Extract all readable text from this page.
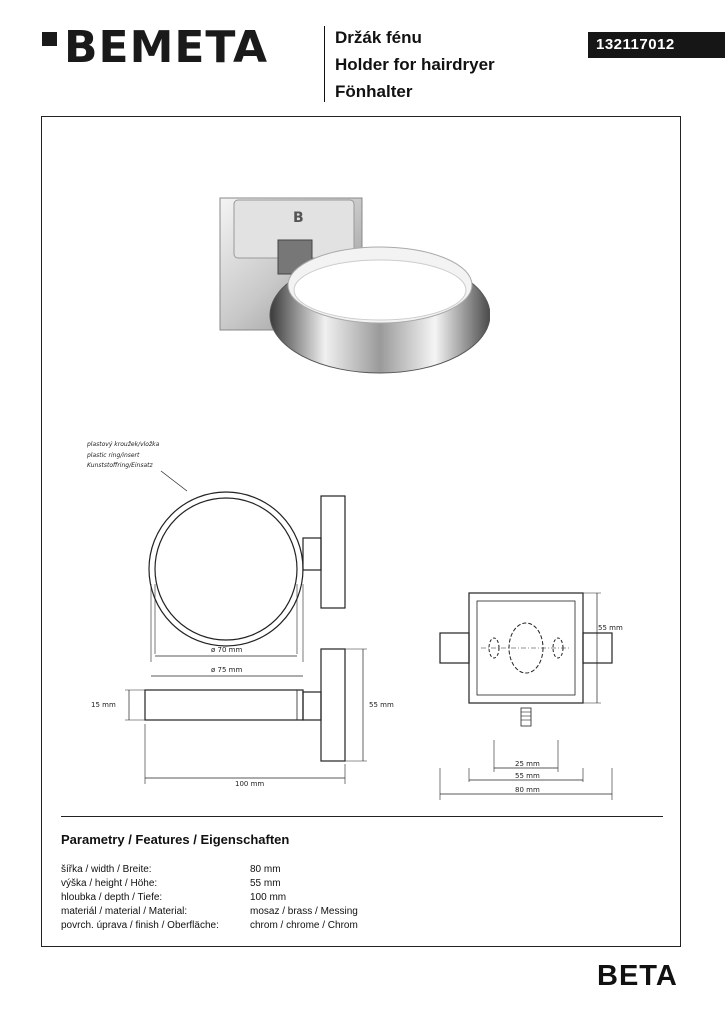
BEMETA	Držák fénu
Holder for hairdryer
Fönhalter
132117012
B
plastový kroužek/vložka
plastic ring/insert
Kunststoffring/Einsatz
ø 70 mm
ø 75 mm
15 mm	55 mm
100 mm
55 mm
25 mm
55 mm
80 mm
Parametry / Features / Eigenschaften
šířka / width / Breite:	80 mm
výška / height / Höhe:	55 mm
hloubka / depth / Tiefe:	100 mm
materiál / material / Material:	mosaz / brass / Messing
povrch. úprava / finish / Oberfläche:	chrom / chrome / Chrom
BETA
